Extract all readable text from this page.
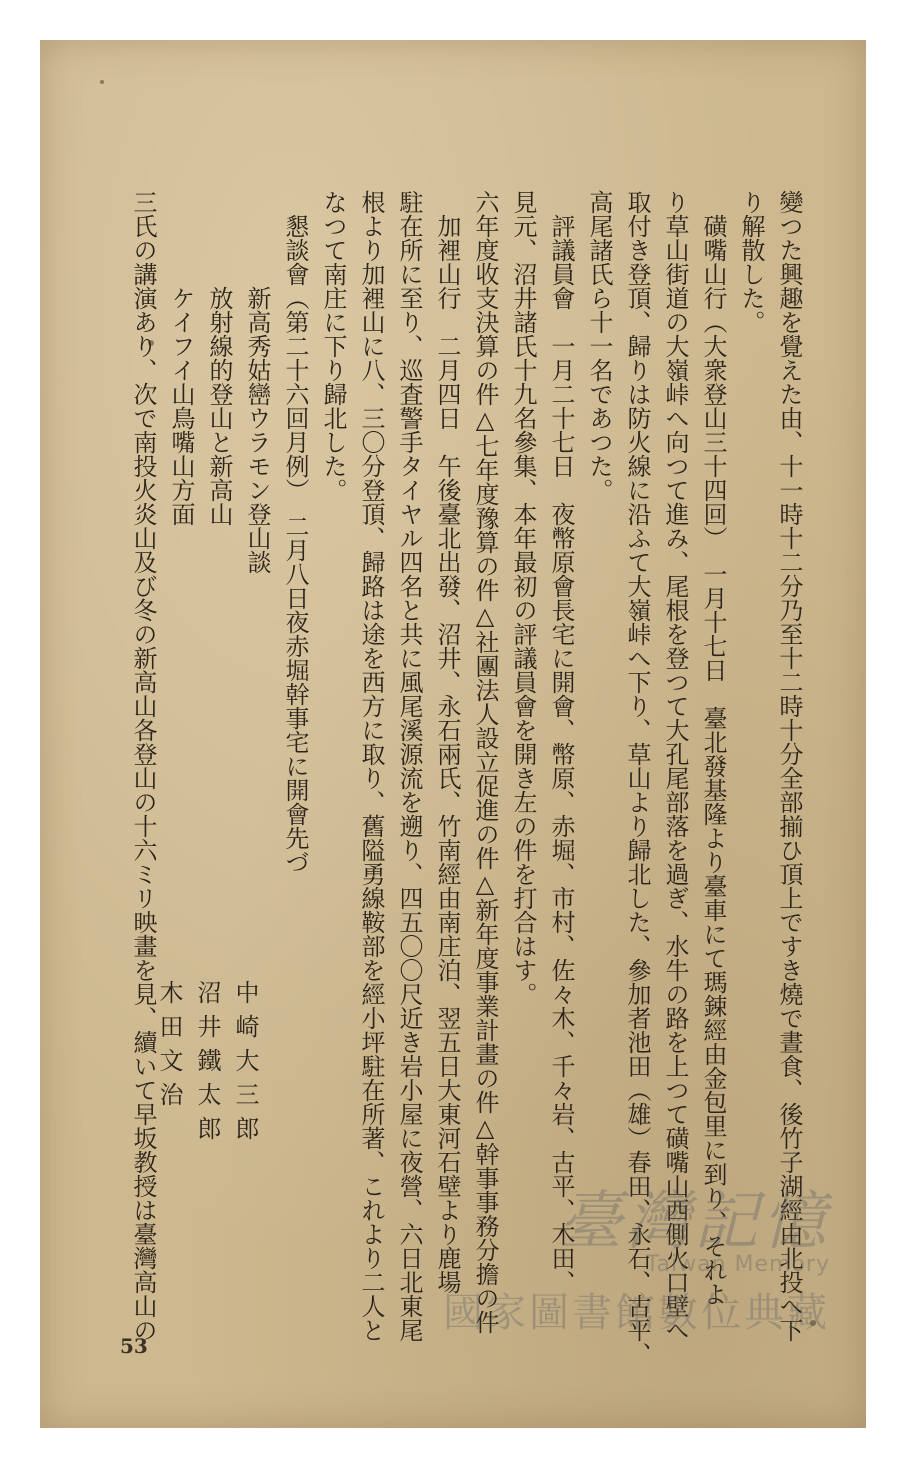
變つた興趣を覺えた由、十一時十二分乃至十二時十分全部揃ひ頂上ですき燒で晝食、後竹子湖經由北投へ下
り解散した。
磺嘴山行（大衆登山三十四回）　一月十七日　臺北發基隆より臺車にて瑪鋉經由金包里に到り、それよ
り草山街道の大嶺峠へ向つて進み、尾根を登つて大孔尾部落を過ぎ、水牛の路を上つて磺嘴山西側火口壁へ
取付き登頂、歸りは防火線に沿ふて大嶺峠へ下り、草山より歸北した、參加者池田（雄）春田、永石、古平、
高尾諸氏ら十一名であつた。
評議員會　一月二十七日　夜幣原會長宅に開會、幣原、赤堀、市村、佐々木、千々岩、古平、木田、
見元、沼井諸氏十九名參集、本年最初の評議員會を開き左の件を打合はす。
六年度收支決算の件△七年度豫算の件△社團法人設立促進の件△新年度事業計畫の件△幹事事務分擔の件
加裡山行　二月四日　午後臺北出發、沼井、永石兩氏、竹南經由南庄泊、翌五日大東河石壁より鹿場
駐在所に至り、巡査警手タイヤル四名と共に風尾溪源流を遡り、四五〇〇尺近き岩小屋に夜營、六日北東尾
根より加裡山に八、三〇分登頂、歸路は途を西方に取り、舊隘勇線鞍部を經小坪駐在所著、これより二人と
なつて南庄に下り歸北した。
懇談會（第二十六回月例）　二月八日夜赤堀幹事宅に開會先づ
新高秀姑巒ウラモン登山談
放射線的登山と新高山
ケイフイ山鳥嘴山方面
三氏の講演あり、次で南投火炎山及び冬の新高山各登山の十六ミリ映畫を見、續いて早坂教授は臺灣高山の	中崎大三郎
沼井鐵太郎
木田文治
53
臺灣記憶
Taiwan Memory
國家圖書館數位典藏
